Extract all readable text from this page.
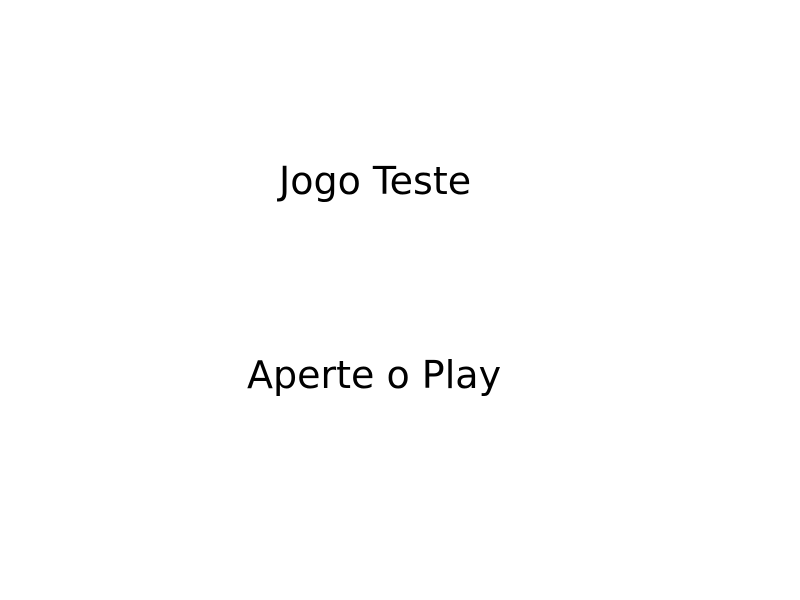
Jogo Teste
Aperte o Play
